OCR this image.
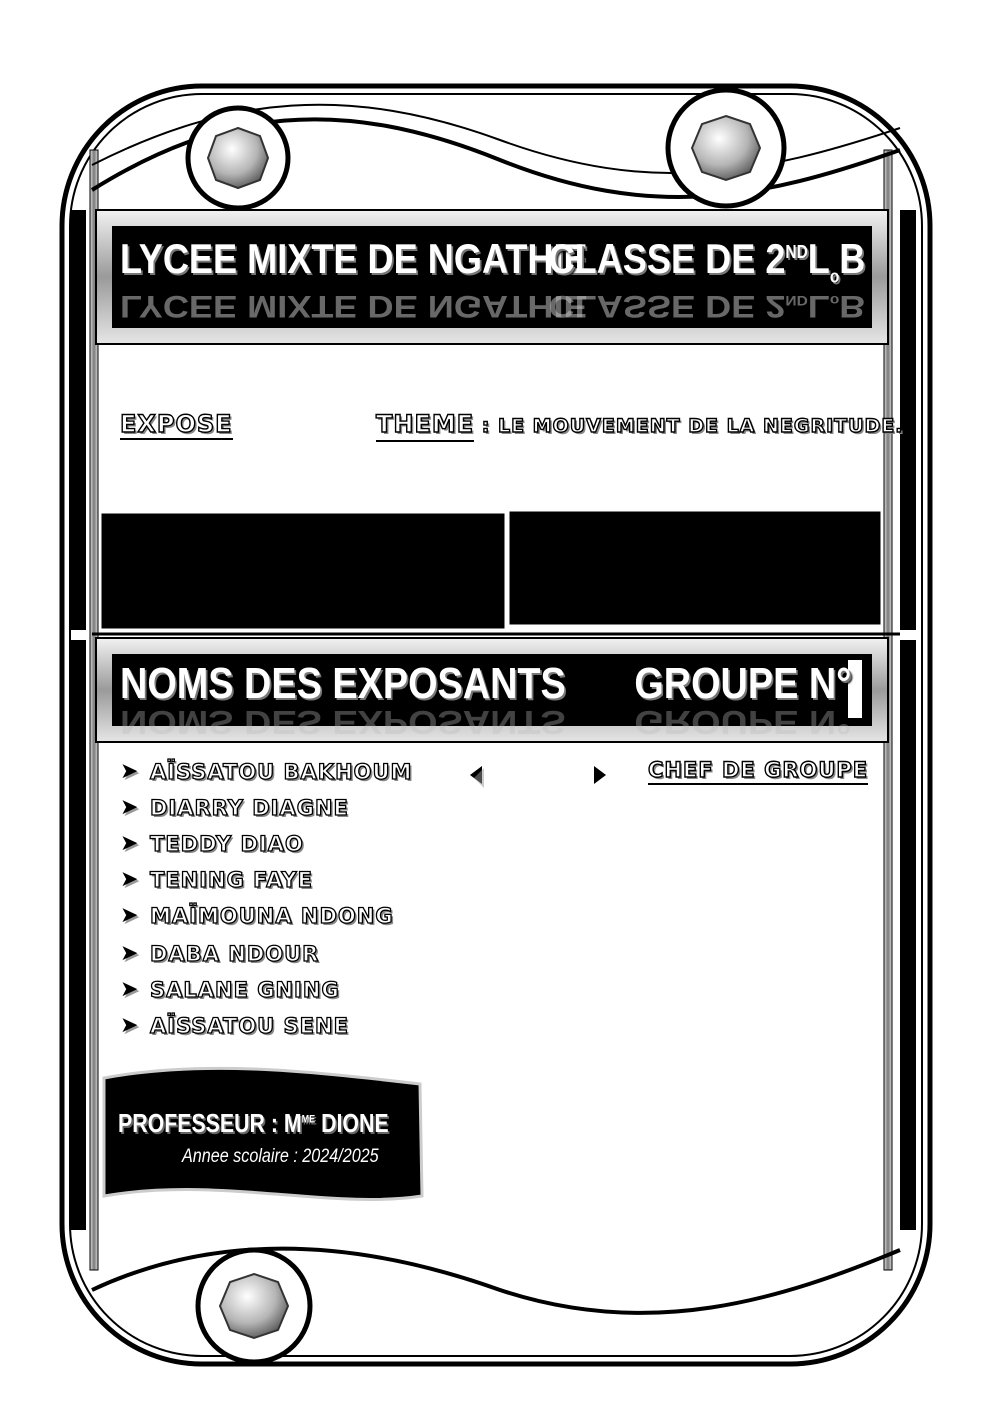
LYCEE MIXTE DE NGATHIE
LYCEE MIXTE DE NGATHIE
CLASSE DE $2NDL_oB$
CLASSE DE 2NDLoB
EXPOSE	THEME : LE MOUVEMENT DE LA NEGRITUDE.
NOMS DES EXPOSANTS
NOMS DES EXPOSANTS
GROUPE N°
GROUPE N°
CHEF DE GROUPE
➤ AÏSSATOU BAKHOUM
➤ DIARRY DIAGNE
➤ TEDDY DIAO
➤ TENING FAYE
➤ MAÏMOUNA NDONG
➤ DABA NDOUR
➤ SALANE GNING
➤ AÏSSATOU SENE
PROFESSEUR : $M^{ME}$ DIONE
Annee scolaire : 2024/2025
